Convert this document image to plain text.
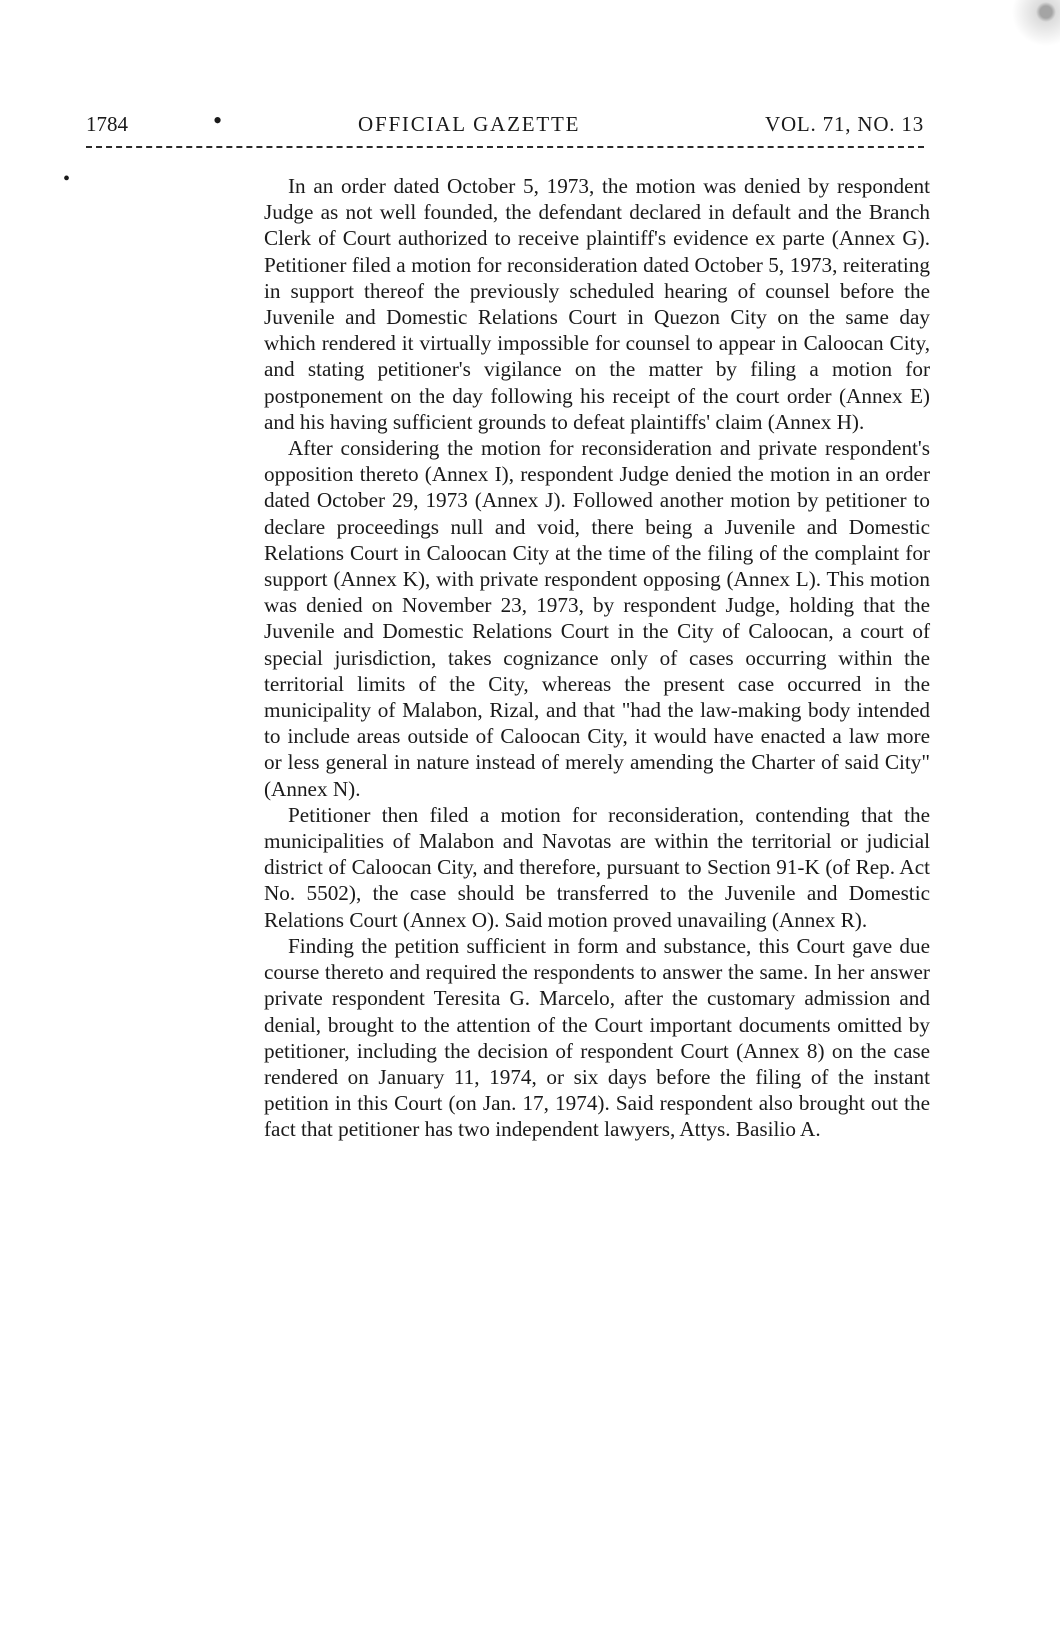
1784	•	OFFICIAL GAZETTE	VOL. 71, NO. 13
•	In an order dated October 5, 1973, the motion was denied by respondent Judge as not well founded, the defendant declared in default and the Branch Clerk of Court authorized to receive plaintiff's evidence ex parte (Annex G). Petitioner filed a motion for reconsideration dated October 5, 1973, reiterating in support thereof the previously scheduled hearing of counsel before the Juvenile and Domestic Relations Court in Quezon City on the same day which rendered it virtually impossible for counsel to appear in Caloocan City, and stating petitioner's vigilance on the matter by filing a motion for postponement on the day following his receipt of the court order (Annex E) and his having sufficient grounds to defeat plaintiffs' claim (Annex H).

After considering the motion for reconsideration and private respondent's opposition thereto (Annex I), respondent Judge denied the motion in an order dated October 29, 1973 (Annex J). Followed another motion by petitioner to declare proceedings null and void, there being a Juvenile and Domestic Relations Court in Caloocan City at the time of the filing of the complaint for support (Annex K), with private respondent opposing (Annex L). This motion was denied on November 23, 1973, by respondent Judge, holding that the Juvenile and Domestic Relations Court in the City of Caloocan, a court of special jurisdiction, takes cognizance only of cases occurring within the territorial limits of the City, whereas the present case occurred in the municipality of Malabon, Rizal, and that "had the law-making body intended to include areas outside of Caloocan City, it would have enacted a law more or less general in nature instead of merely amending the Charter of said City" (Annex N).

Petitioner then filed a motion for reconsideration, contending that the municipalities of Malabon and Navotas are within the territorial or judicial district of Caloocan City, and therefore, pursuant to Section 91-K (of Rep. Act No. 5502), the case should be transferred to the Juvenile and Domestic Relations Court (Annex O). Said motion proved unavailing (Annex R).

Finding the petition sufficient in form and substance, this Court gave due course thereto and required the respondents to answer the same. In her answer private respondent Teresita G. Marcelo, after the customary admission and denial, brought to the attention of the Court important documents omitted by petitioner, including the decision of respondent Court (Annex 8) on the case rendered on January 11, 1974, or six days before the filing of the instant petition in this Court (on Jan. 17, 1974). Said respondent also brought out the fact that petitioner has two independent lawyers, Attys. Basilio A.
